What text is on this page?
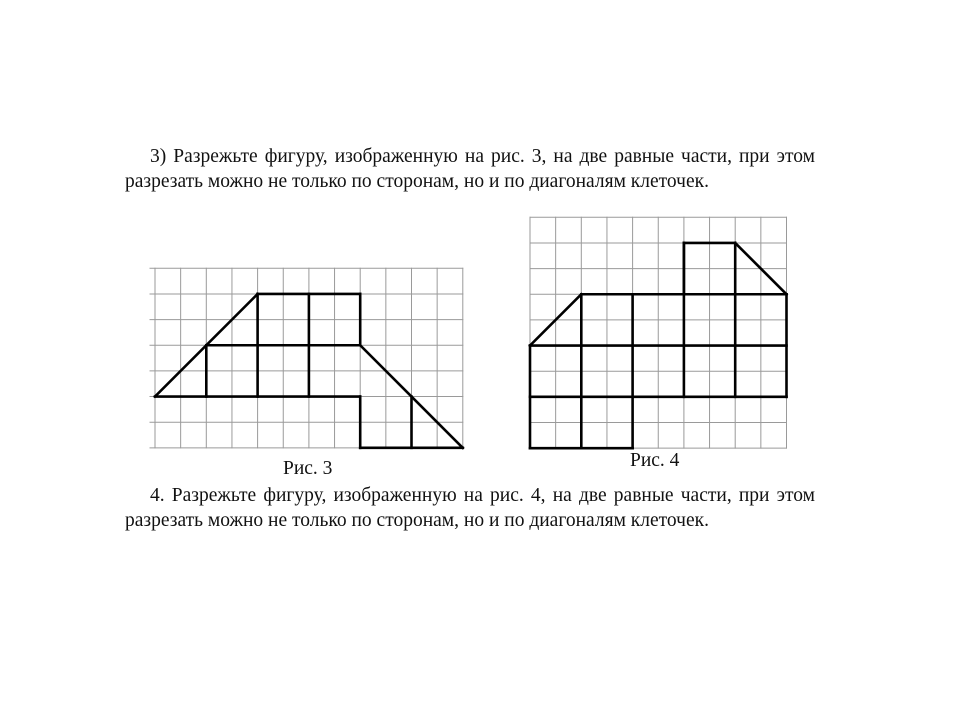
3) Разрежьте фигуру, изображенную на рис. 3, на две равные части, при этом разрезать можно не только по сторонам, но и по диагоналям клеточек.
Рис. 3	Рис. 4
4. Разрежьте фигуру, изображенную на рис. 4, на две равные части, при этом разрезать можно не только по сторонам, но и по диагоналям клеточек.
